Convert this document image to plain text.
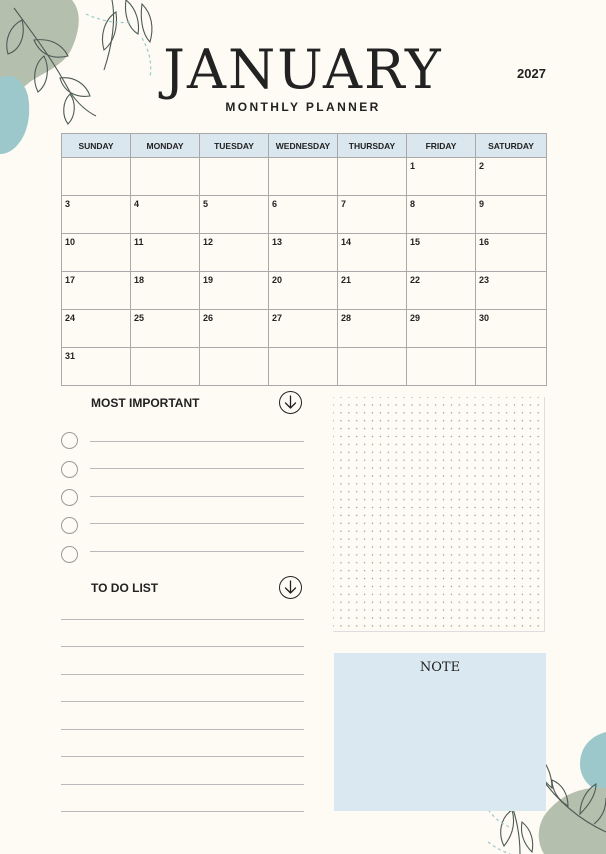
JANUARY
MONTHLY PLANNER
2027
SUNDAY	MONDAY	TUESDAY	WEDNESDAY	THURSDAY	FRIDAY	SATURDAY
					1	2
3	4	5	6	7	8	9
10	11	12	13	14	15	16
17	18	19	20	21	22	23
24	25	26	27	28	29	30
31						
MOST IMPORTANT
TO DO LIST
NOTE
